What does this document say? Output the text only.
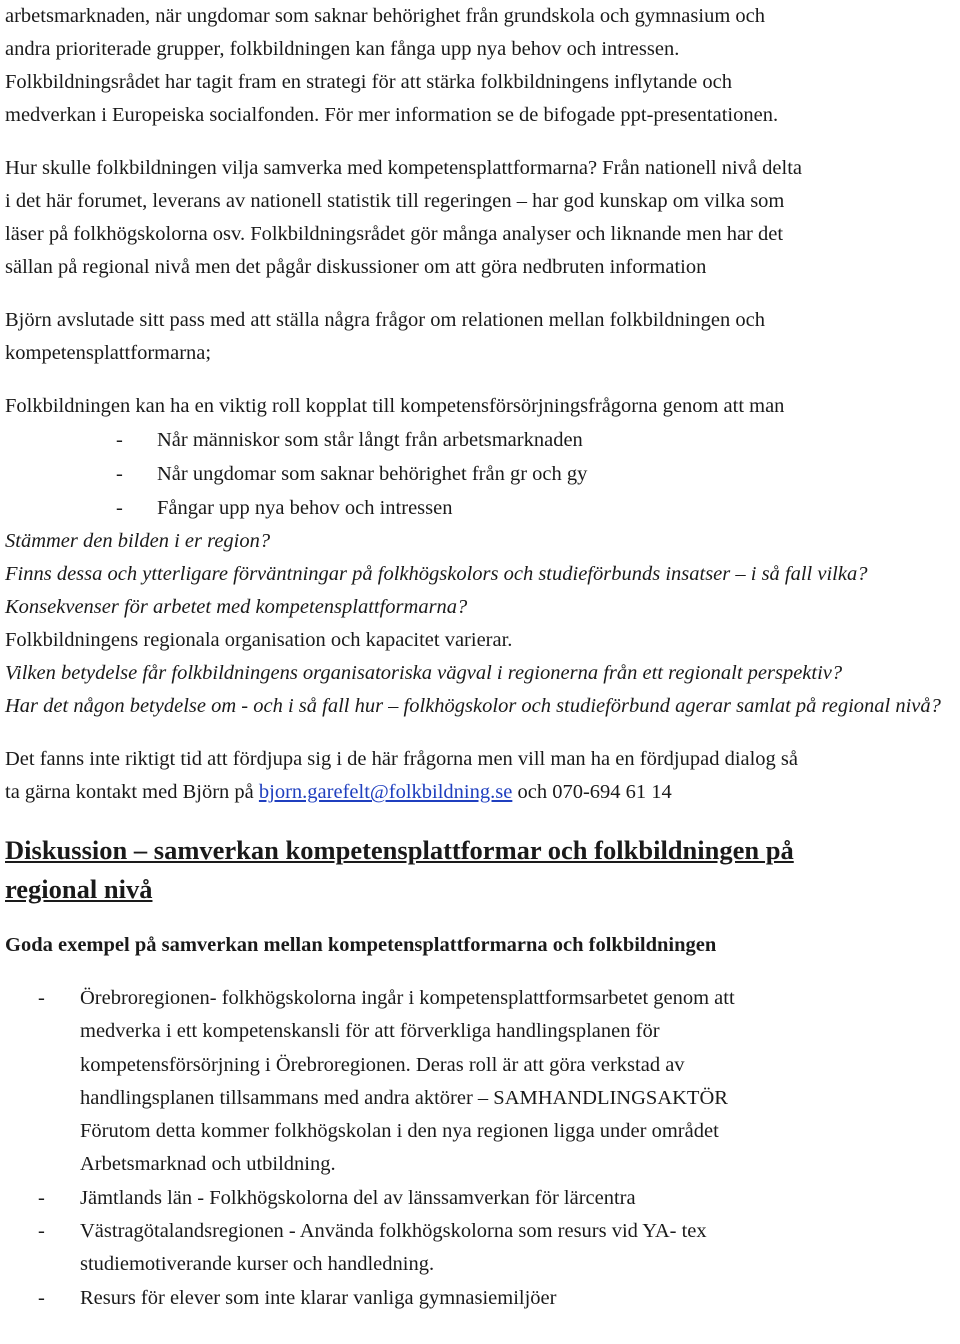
arbetsmarknaden, när ungdomar som saknar behörighet från grundskola och gymnasium och

andra prioriterade grupper, folkbildningen kan fånga upp nya behov och intressen.

Folkbildningsrådet har tagit fram en strategi för att stärka folkbildningens inflytande och

medverkan i Europeiska socialfonden. För mer information se de bifogade ppt-presentationen.

Hur skulle folkbildningen vilja samverka med kompetensplattformarna? Från nationell nivå delta

i det här forumet, leverans av nationell statistik till regeringen – har god kunskap om vilka som

läser på folkhögskolorna osv. Folkbildningsrådet gör många analyser och liknande men har det

sällan på regional nivå men det pågår diskussioner om att göra nedbruten information

Björn avslutade sitt pass med att ställa några frågor om relationen mellan folkbildningen och

kompetensplattformarna;

Folkbildningen kan ha en viktig roll kopplat till kompetensförsörjningsfrågorna genom att man

- Når människor som står långt från arbetsmarknaden
- Når ungdomar som saknar behörighet från gr och gy
- Fångar upp nya behov och intressen

Stämmer den bilden i er region?

Finns dessa och ytterligare förväntningar på folkhögskolors och studieförbunds insatser – i så fall vilka?

Konsekvenser för arbetet med kompetensplattformarna?

Folkbildningens regionala organisation och kapacitet varierar.

Vilken betydelse får folkbildningens organisatoriska vägval i regionerna från ett regionalt perspektiv?

Har det någon betydelse om - och i så fall hur – folkhögskolor och studieförbund agerar samlat på regional nivå?

Det fanns inte riktigt tid att fördjupa sig i de här frågorna men vill man ha en fördjupad dialog så

ta gärna kontakt med Björn på bjorn.garefelt@folkbildning.se och 070-694 61 14

Diskussion – samverkan kompetensplattformar och folkbildningen på
regional nivå
Goda exempel på samverkan mellan kompetensplattformarna och folkbildningen
- Örebroregionen- folkhögskolorna ingår i kompetensplattformsarbetet genom att
medverka i ett kompetenskansli för att förverkliga handlingsplanen för
kompetensförsörjning i Örebroregionen. Deras roll är att göra verkstad av
handlingsplanen tillsammans med andra aktörer – SAMHANDLINGSAKTÖR
Förutom detta kommer folkhögskolan i den nya regionen ligga under området
Arbetsmarknad och utbildning.
- Jämtlands län - Folkhögskolorna del av länssamverkan för lärcentra
- Västragötalandsregionen - Använda folkhögskolorna som resurs vid YA- tex
studiemotiverande kurser och handledning.
- Resurs för elever som inte klarar vanliga gymnasiemiljöer
